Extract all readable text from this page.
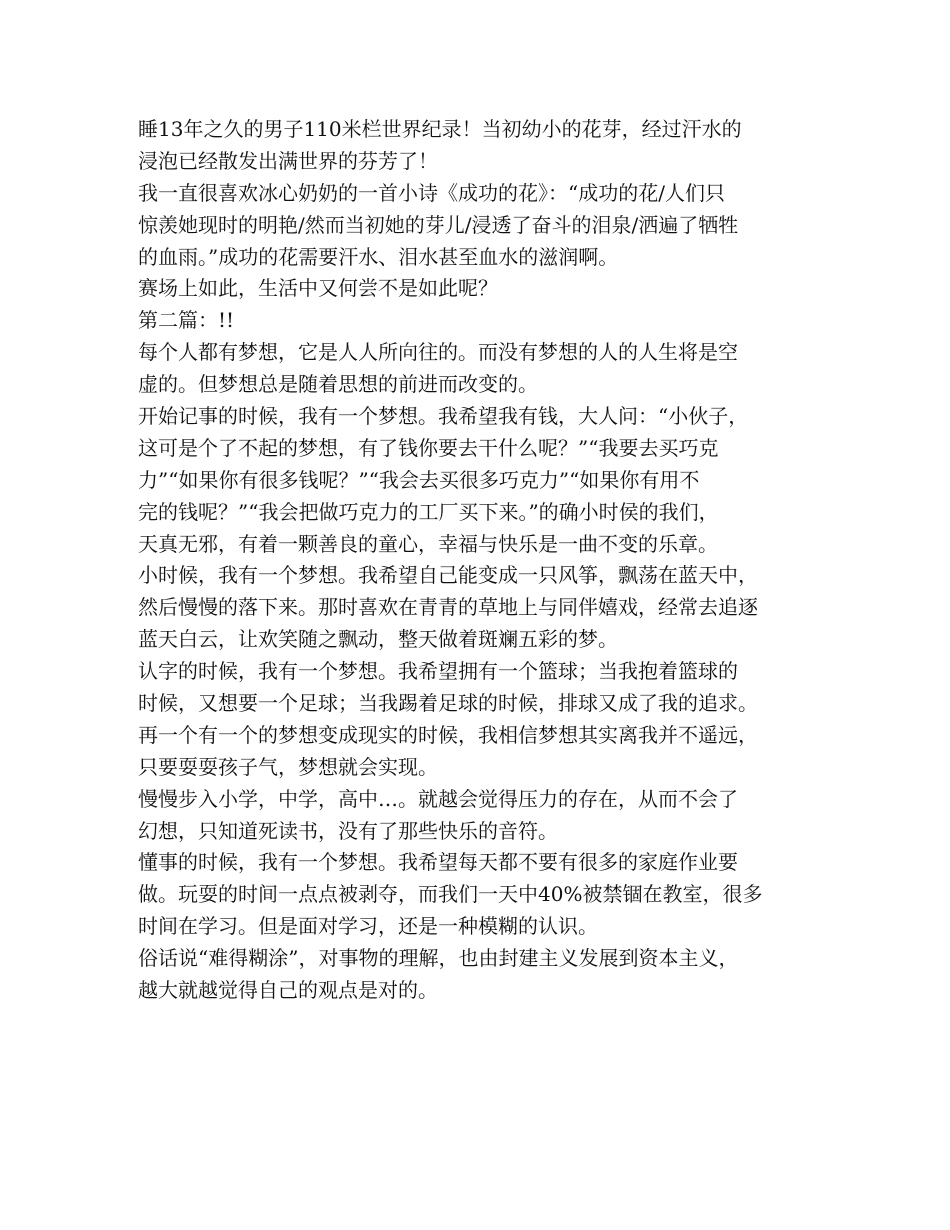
睡13年之久的男子110米栏世界纪录！当初幼小的花芽，经过汗水的
浸泡已经散发出满世界的芬芳了！
我一直很喜欢冰心奶奶的一首小诗《成功的花》：“成功的花/人们只
惊羡她现时的明艳/然而当初她的芽儿/浸透了奋斗的泪泉/洒遍了牺牲
的血雨。”成功的花需要汗水、泪水甚至血水的滋润啊。
赛场上如此，生活中又何尝不是如此呢？
第二篇：!!
每个人都有梦想，它是人人所向往的。而没有梦想的人的人生将是空
虚的。但梦想总是随着思想的前进而改变的。
开始记事的时候，我有一个梦想。我希望我有钱，大人问：“小伙子，
这可是个了不起的梦想，有了钱你要去干什么呢？”“我要去买巧克
力”“如果你有很多钱呢？”“我会去买很多巧克力”“如果你有用不
完的钱呢？”“我会把做巧克力的工厂买下来。”的确小时侯的我们，
天真无邪，有着一颗善良的童心，幸福与快乐是一曲不变的乐章。
小时候，我有一个梦想。我希望自己能变成一只风筝，飘荡在蓝天中，
然后慢慢的落下来。那时喜欢在青青的草地上与同伴嬉戏，经常去追逐
蓝天白云，让欢笑随之飘动，整天做着斑斓五彩的梦。
认字的时候，我有一个梦想。我希望拥有一个篮球；当我抱着篮球的
时候，又想要一个足球；当我踢着足球的时候，排球又成了我的追求。
再一个有一个的梦想变成现实的时候，我相信梦想其实离我并不遥远，
只要耍耍孩子气，梦想就会实现。
慢慢步入小学，中学，高中…。就越会觉得压力的存在，从而不会了
幻想，只知道死读书，没有了那些快乐的音符。
懂事的时候，我有一个梦想。我希望每天都不要有很多的家庭作业要
做。玩耍的时间一点点被剥夺，而我们一天中40%被禁锢在教室，很多
时间在学习。但是面对学习，还是一种模糊的认识。
俗话说“难得糊涂”，对事物的理解，也由封建主义发展到资本主义，
越大就越觉得自己的观点是对的。
